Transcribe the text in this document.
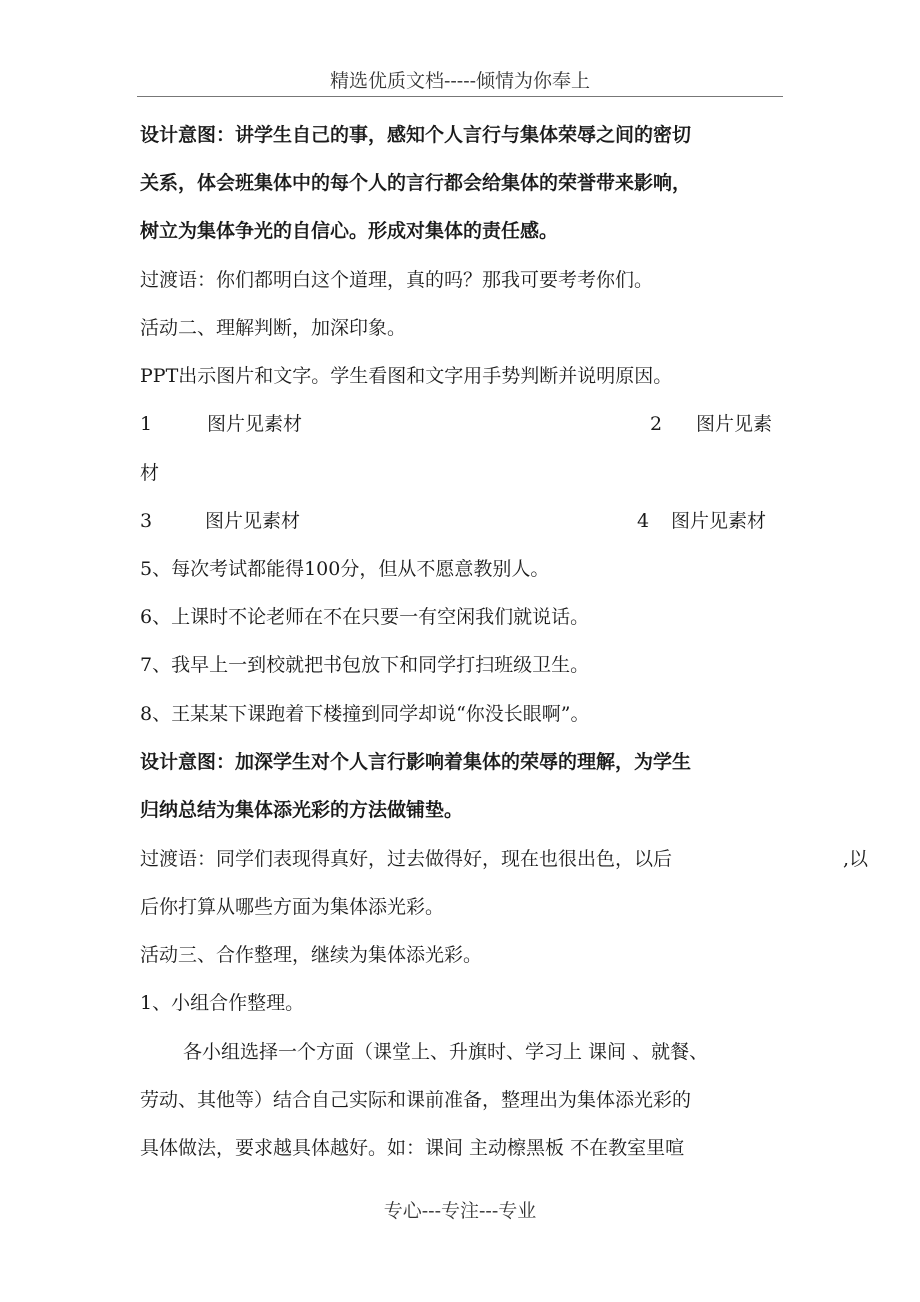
精选优质文档-----倾情为你奉上
设计意图：讲学生自己的事，感知个人言行与集体荣辱之间的密切
关系，体会班集体中的每个人的言行都会给集体的荣誉带来影响，
树立为集体争光的自信心。形成对集体的责任感。
过渡语：你们都明白这个道理，真的吗？那我可要考考你们。
活动二、理解判断，加深印象。
PPT出示图片和文字。学生看图和文字用手势判断并说明原因。
1	图片见素材	2 图片见素
材
3	图片见素材	4 图片见素材
5、每次考试都能得100分，但从不愿意教别人。
6、上课时不论老师在不在只要一有空闲我们就说话。
7、我早上一到校就把书包放下和同学打扫班级卫生。
8、王某某下课跑着下楼撞到同学却说“你没长眼啊”。
设计意图：加深学生对个人言行影响着集体的荣辱的理解，为学生
归纳总结为集体添光彩的方法做铺垫。
过渡语：同学们表现得真好，过去做得好，现在也很出色，以后	,以
后你打算从哪些方面为集体添光彩。
活动三、合作整理，继续为集体添光彩。
1、小组合作整理。
各小组选择一个方面（课堂上、升旗时、学习上 课间 、就餐、
劳动、其他等）结合自己实际和课前准备，整理出为集体添光彩的
具体做法，要求越具体越好。如：课间 主动檫黑板 不在教室里喧
专心---专注---专业
